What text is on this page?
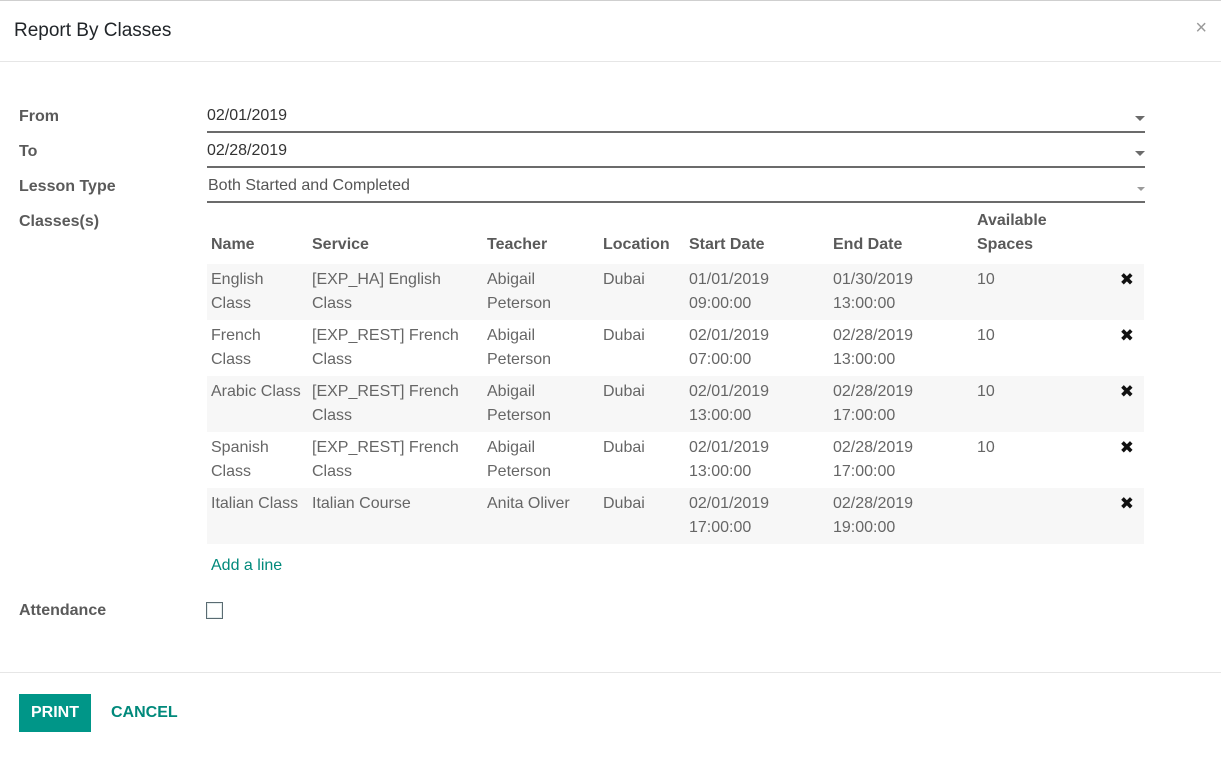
Report By Classes	×
From	02/01/2019
To	02/28/2019
Lesson Type	Both Started and Completed
Classes(s)
Name	Service	Teacher	Location	Start Date	End Date	Available Spaces	
English Class	[EXP_HA] English Class	Abigail Peterson	Dubai	01/01/2019 09:00:00	01/30/2019 13:00:00	10	✖
French Class	[EXP_REST] French Class	Abigail Peterson	Dubai	02/01/2019 07:00:00	02/28/2019 13:00:00	10	✖
Arabic Class	[EXP_REST] French Class	Abigail Peterson	Dubai	02/01/2019 13:00:00	02/28/2019 17:00:00	10	✖
Spanish Class	[EXP_REST] French Class	Abigail Peterson	Dubai	02/01/2019 13:00:00	02/28/2019 17:00:00	10	✖
Italian Class	Italian Course	Anita Oliver	Dubai	02/01/2019 17:00:00	02/28/2019 19:00:00		✖
Add a line							
Attendance
PRINT	CANCEL
